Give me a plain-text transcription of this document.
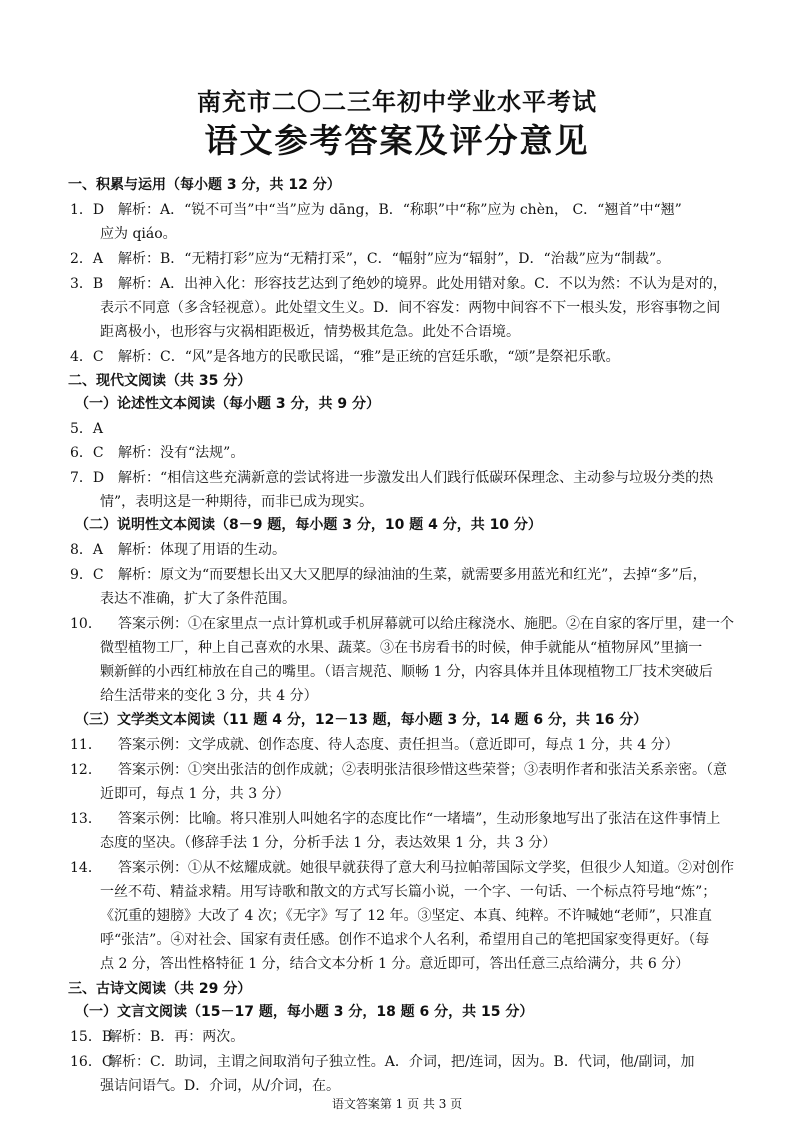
南充市二〇二三年初中学业水平考试
语文参考答案及评分意见
一、积累与运用（每小题 3 分，共 12 分）
1．D 解析：A．“锐不可当”中“当”应为 dāng，B．“称职”中“称”应为 chèn， C．“翘首”中“翘”
应为 qiáo。
2．A 解析：B．“无精打彩”应为“无精打采”，C．“幅射”应为“辐射”，D．“治裁”应为“制裁”。
3．B 解析：A．出神入化：形容技艺达到了绝妙的境界。此处用错对象。C．不以为然：不认为是对的，
表示不同意（多含轻视意）。此处望文生义。D．间不容发：两物中间容不下一根头发，形容事物之间
距离极小，也形容与灾祸相距极近，情势极其危急。此处不合语境。
4．C 解析：C．“风”是各地方的民歌民谣，“雅”是正统的宫廷乐歌，“颂”是祭祀乐歌。
二、现代文阅读（共 35 分）
（一）论述性文本阅读（每小题 3 分，共 9 分）
5．A
6．C 解析：没有“法规”。
7．D 解析：“相信这些充满新意的尝试将进一步激发出人们践行低碳环保理念、主动参与垃圾分类的热
情”，表明这是一种期待，而非已成为现实。
（二）说明性文本阅读（8－9 题，每小题 3 分，10 题 4 分，共 10 分）
8．A 解析：体现了用语的生动。
9．C 解析：原文为“而要想长出又大又肥厚的绿油油的生菜，就需要多用蓝光和红光”，去掉“多”后，
表达不准确，扩大了条件范围。
10． 答案示例：①在家里点一点计算机或手机屏幕就可以给庄稼浇水、施肥。②在自家的客厅里，建一个
微型植物工厂，种上自己喜欢的水果、蔬菜。③在书房看书的时候，伸手就能从“植物屏风”里摘一
颗新鲜的小西红柿放在自己的嘴里。（语言规范、顺畅 1 分，内容具体并且体现植物工厂技术突破后
给生活带来的变化 3 分，共 4 分）
（三）文学类文本阅读（11 题 4 分，12－13 题，每小题 3 分，14 题 6 分，共 16 分）
11． 答案示例：文学成就、创作态度、待人态度、责任担当。（意近即可，每点 1 分，共 4 分）
12． 答案示例：①突出张洁的创作成就；②表明张洁很珍惜这些荣誉；③表明作者和张洁关系亲密。（意
近即可，每点 1 分，共 3 分）
13． 答案示例：比喻。将只准别人叫她名字的态度比作“一堵墙”，生动形象地写出了张洁在这件事情上
态度的坚决。（修辞手法 1 分，分析手法 1 分，表达效果 1 分，共 3 分）
14． 答案示例：①从不炫耀成就。她很早就获得了意大利马拉帕蒂国际文学奖，但很少人知道。②对创作
一丝不苟、精益求精。用写诗歌和散文的方式写长篇小说，一个字、一句话、一个标点符号地“炼”；
《沉重的翅膀》大改了 4 次；《无字》写了 12 年。③坚定、本真、纯粹。不许喊她“老师”，只准直
呼“张洁”。④对社会、国家有责任感。创作不追求个人名利，希望用自己的笔把国家变得更好。（每
点 2 分，答出性格特征 1 分，结合文本分析 1 分。意近即可，答出任意三点给满分，共 6 分）
三、古诗文阅读（共 29 分）
（一）文言文阅读（15－17 题，每小题 3 分，18 题 6 分，共 15 分）
15．B解析：B．再：两次。
16．C解析：C．助词，主谓之间取消句子独立性。A．介词，把/连词，因为。B．代词，他/副词，加
强诘问语气。D．介词，从/介词，在。
语文答案第 1 页 共 3 页
